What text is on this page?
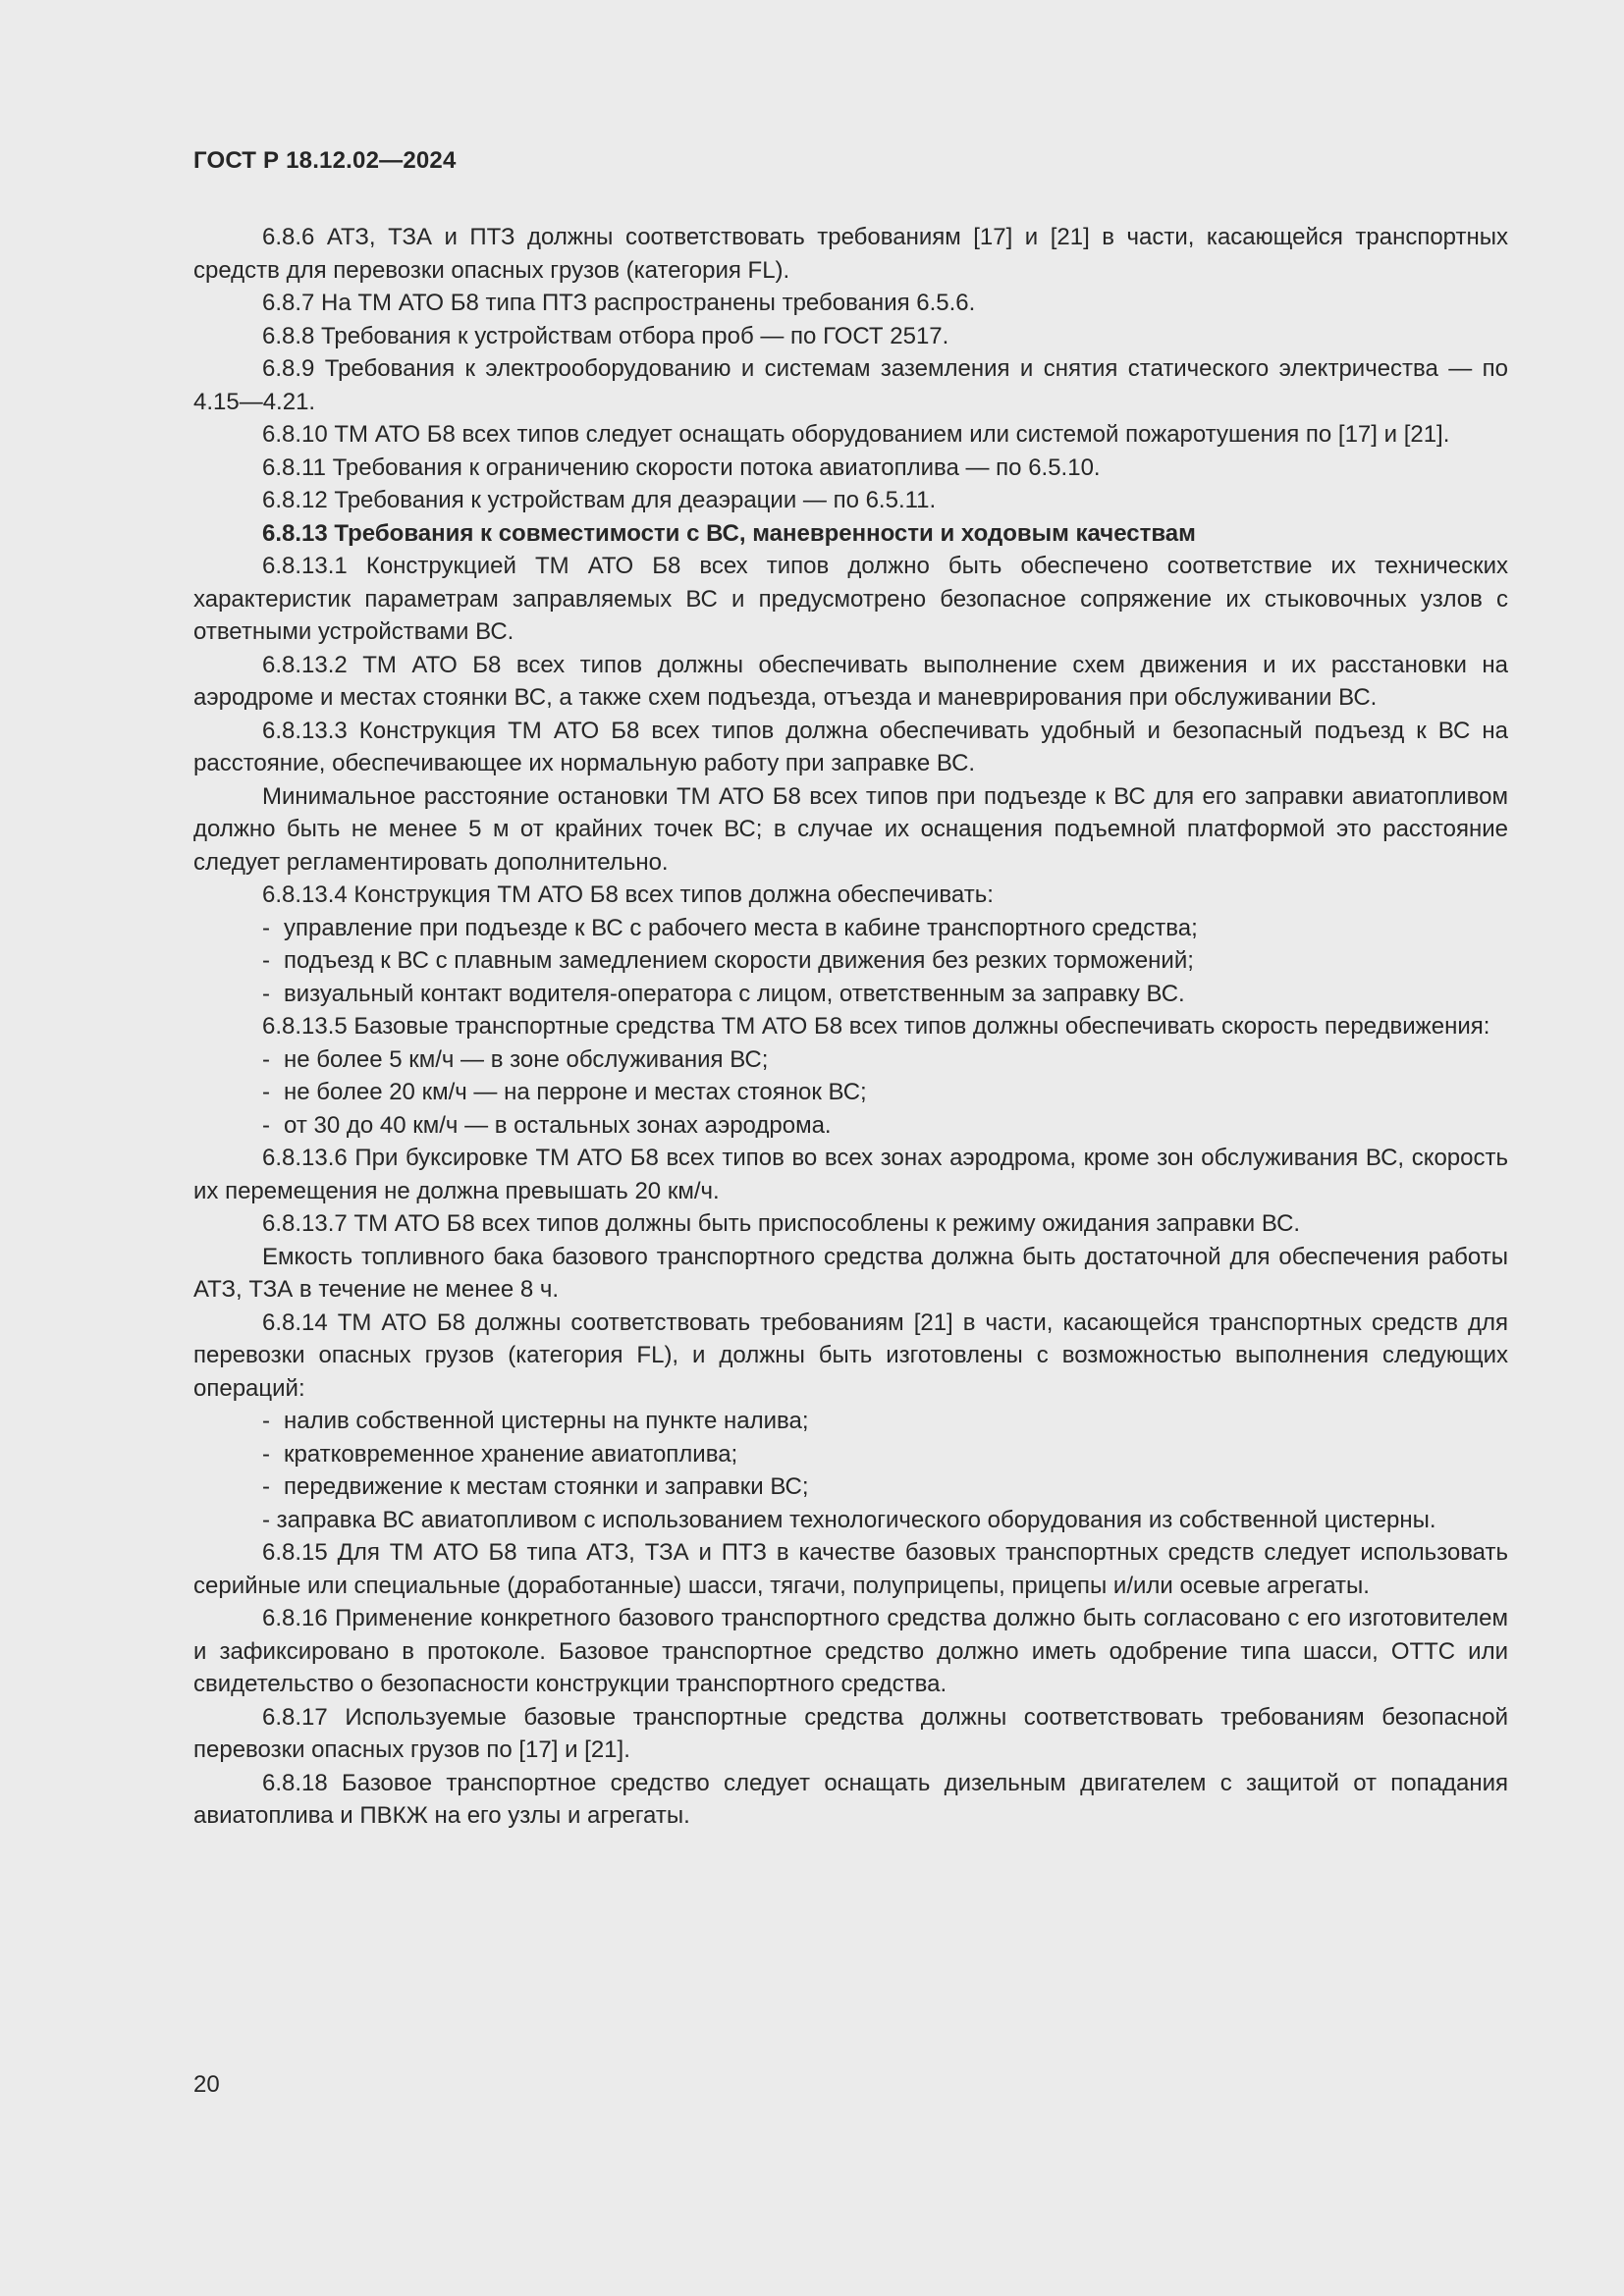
ГОСТ Р 18.12.02—2024

6.8.6 АТЗ, ТЗА и ПТЗ должны соответствовать требованиям [17] и [21] в части, касающейся транспортных средств для перевозки опасных грузов (категория FL).

6.8.7 На ТМ АТО Б8 типа ПТЗ распространены требования 6.5.6.

6.8.8 Требования к устройствам отбора проб — по ГОСТ 2517.

6.8.9 Требования к электрооборудованию и системам заземления и снятия статического электричества — по 4.15—4.21.

6.8.10 ТМ АТО Б8 всех типов следует оснащать оборудованием или системой пожаротушения по [17] и [21].

6.8.11 Требования к ограничению скорости потока авиатоплива — по 6.5.10.

6.8.12 Требования к устройствам для деаэрации — по 6.5.11.

6.8.13 Требования к совместимости с ВС, маневренности и ходовым качествам

6.8.13.1 Конструкцией ТМ АТО Б8 всех типов должно быть обеспечено соответствие их технических характеристик параметрам заправляемых ВС и предусмотрено безопасное сопряжение их стыковочных узлов с ответными устройствами ВС.

6.8.13.2 ТМ АТО Б8 всех типов должны обеспечивать выполнение схем движения и их расстановки на аэродроме и местах стоянки ВС, а также схем подъезда, отъезда и маневрирования при обслуживании ВС.

6.8.13.3 Конструкция ТМ АТО Б8 всех типов должна обеспечивать удобный и безопасный подъезд к ВС на расстояние, обеспечивающее их нормальную работу при заправке ВС.

Минимальное расстояние остановки ТМ АТО Б8 всех типов при подъезде к ВС для его заправки авиатопливом должно быть не менее 5 м от крайних точек ВС; в случае их оснащения подъемной платформой это расстояние следует регламентировать дополнительно.

6.8.13.4 Конструкция ТМ АТО Б8 всех типов должна обеспечивать:

- управление при подъезде к ВС с рабочего места в кабине транспортного средства;

- подъезд к ВС с плавным замедлением скорости движения без резких торможений;

- визуальный контакт водителя-оператора с лицом, ответственным за заправку ВС.

6.8.13.5 Базовые транспортные средства ТМ АТО Б8 всех типов должны обеспечивать скорость передвижения:

- не более 5 км/ч — в зоне обслуживания ВС;

- не более 20 км/ч — на перроне и местах стоянок ВС;

- от 30 до 40 км/ч — в остальных зонах аэродрома.

6.8.13.6 При буксировке ТМ АТО Б8 всех типов во всех зонах аэродрома, кроме зон обслуживания ВС, скорость их перемещения не должна превышать 20 км/ч.

6.8.13.7 ТМ АТО Б8 всех типов должны быть приспособлены к режиму ожидания заправки ВС.

Емкость топливного бака базового транспортного средства должна быть достаточной для обеспечения работы АТЗ, ТЗА в течение не менее 8 ч.

6.8.14 ТМ АТО Б8 должны соответствовать требованиям [21] в части, касающейся транспортных средств для перевозки опасных грузов (категория FL), и должны быть изготовлены с возможностью выполнения следующих операций:

- налив собственной цистерны на пункте налива;

- кратковременное хранение авиатоплива;

- передвижение к местам стоянки и заправки ВС;

- заправка ВС авиатопливом с использованием технологического оборудования из собственной цистерны.

6.8.15 Для ТМ АТО Б8 типа АТЗ, ТЗА и ПТЗ в качестве базовых транспортных средств следует использовать серийные или специальные (доработанные) шасси, тягачи, полуприцепы, прицепы и/или осевые агрегаты.

6.8.16 Применение конкретного базового транспортного средства должно быть согласовано с его изготовителем и зафиксировано в протоколе. Базовое транспортное средство должно иметь одобрение типа шасси, ОТТС или свидетельство о безопасности конструкции транспортного средства.

6.8.17 Используемые базовые транспортные средства должны соответствовать требованиям безопасной перевозки опасных грузов по [17] и [21].

6.8.18 Базовое транспортное средство следует оснащать дизельным двигателем с защитой от попадания авиатоплива и ПВКЖ на его узлы и агрегаты.

20
